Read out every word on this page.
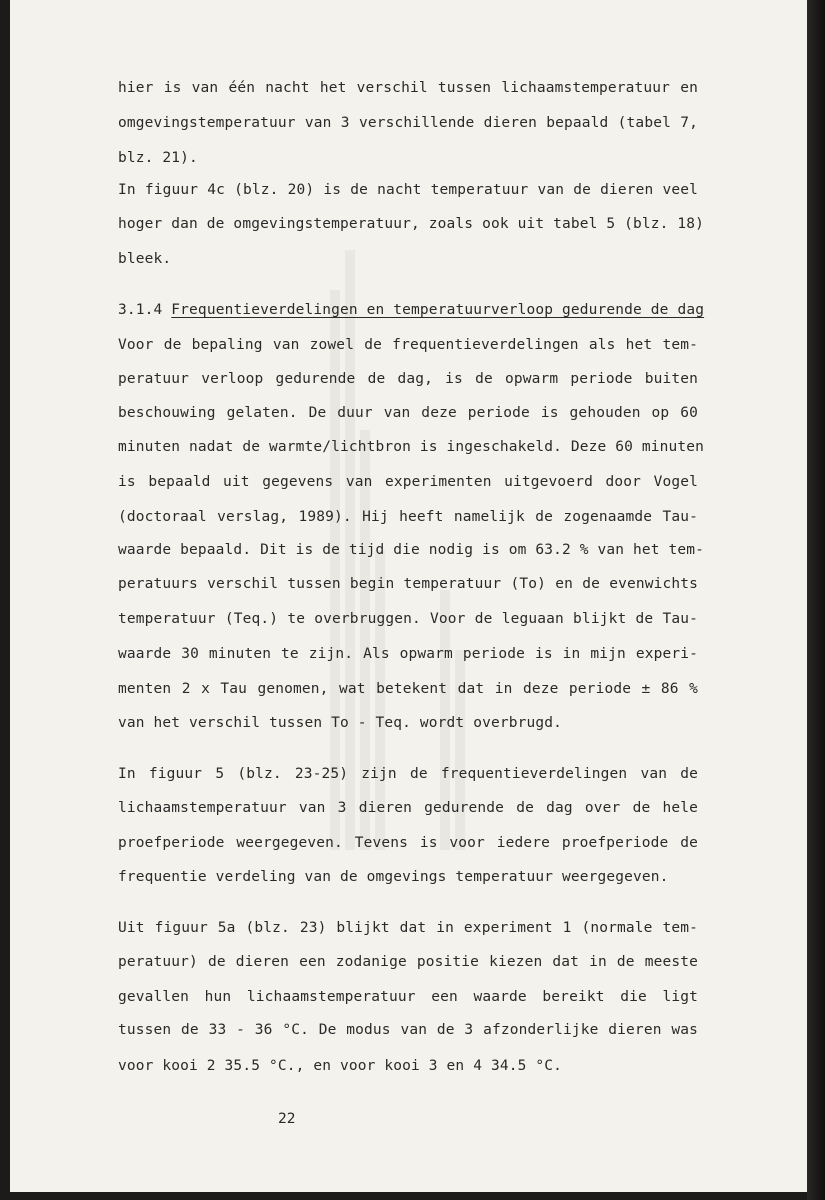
hier is van één nacht het verschil tussen lichaamstemperatuur en
omgevingstemperatuur van 3 verschillende dieren bepaald (tabel 7,
blz. 21).
In figuur 4c (blz. 20) is de nacht temperatuur van de dieren veel
hoger dan de omgevingstemperatuur, zoals ook uit tabel 5 (blz. 18)
bleek.
3.1.4 Frequentieverdelingen en temperatuurverloop gedurende de dag
Voor de bepaling van zowel de frequentieverdelingen als het tem-
peratuur verloop gedurende de dag, is de opwarm periode buiten
beschouwing gelaten. De duur van deze periode is gehouden op 60
minuten nadat de warmte/lichtbron is ingeschakeld. Deze 60 minuten
is bepaald uit gegevens van experimenten uitgevoerd door Vogel
(doctoraal verslag, 1989). Hij heeft namelijk de zogenaamde Tau-
waarde bepaald. Dit is de tijd die nodig is om 63.2 % van het tem-
peratuurs verschil tussen begin temperatuur (To) en de evenwichts
temperatuur (Teq.) te overbruggen. Voor de leguaan blijkt de Tau-
waarde 30 minuten te zijn. Als opwarm periode is in mijn experi-
menten 2 x Tau genomen, wat betekent dat in deze periode ± 86 %
van het verschil tussen To - Teq. wordt overbrugd.
In figuur 5 (blz. 23-25) zijn de frequentieverdelingen van de
lichaamstemperatuur van 3 dieren gedurende de dag over de hele
proefperiode weergegeven. Tevens is voor iedere proefperiode de
frequentie verdeling van de omgevings temperatuur weergegeven.
Uit figuur 5a (blz. 23) blijkt dat in experiment 1 (normale tem-
peratuur) de dieren een zodanige positie kiezen dat in de meeste
gevallen hun lichaamstemperatuur een waarde bereikt die ligt
tussen de 33 - 36 °C. De modus van de 3 afzonderlijke dieren was
voor kooi 2 35.5 °C., en voor kooi 3 en 4 34.5 °C.
22
